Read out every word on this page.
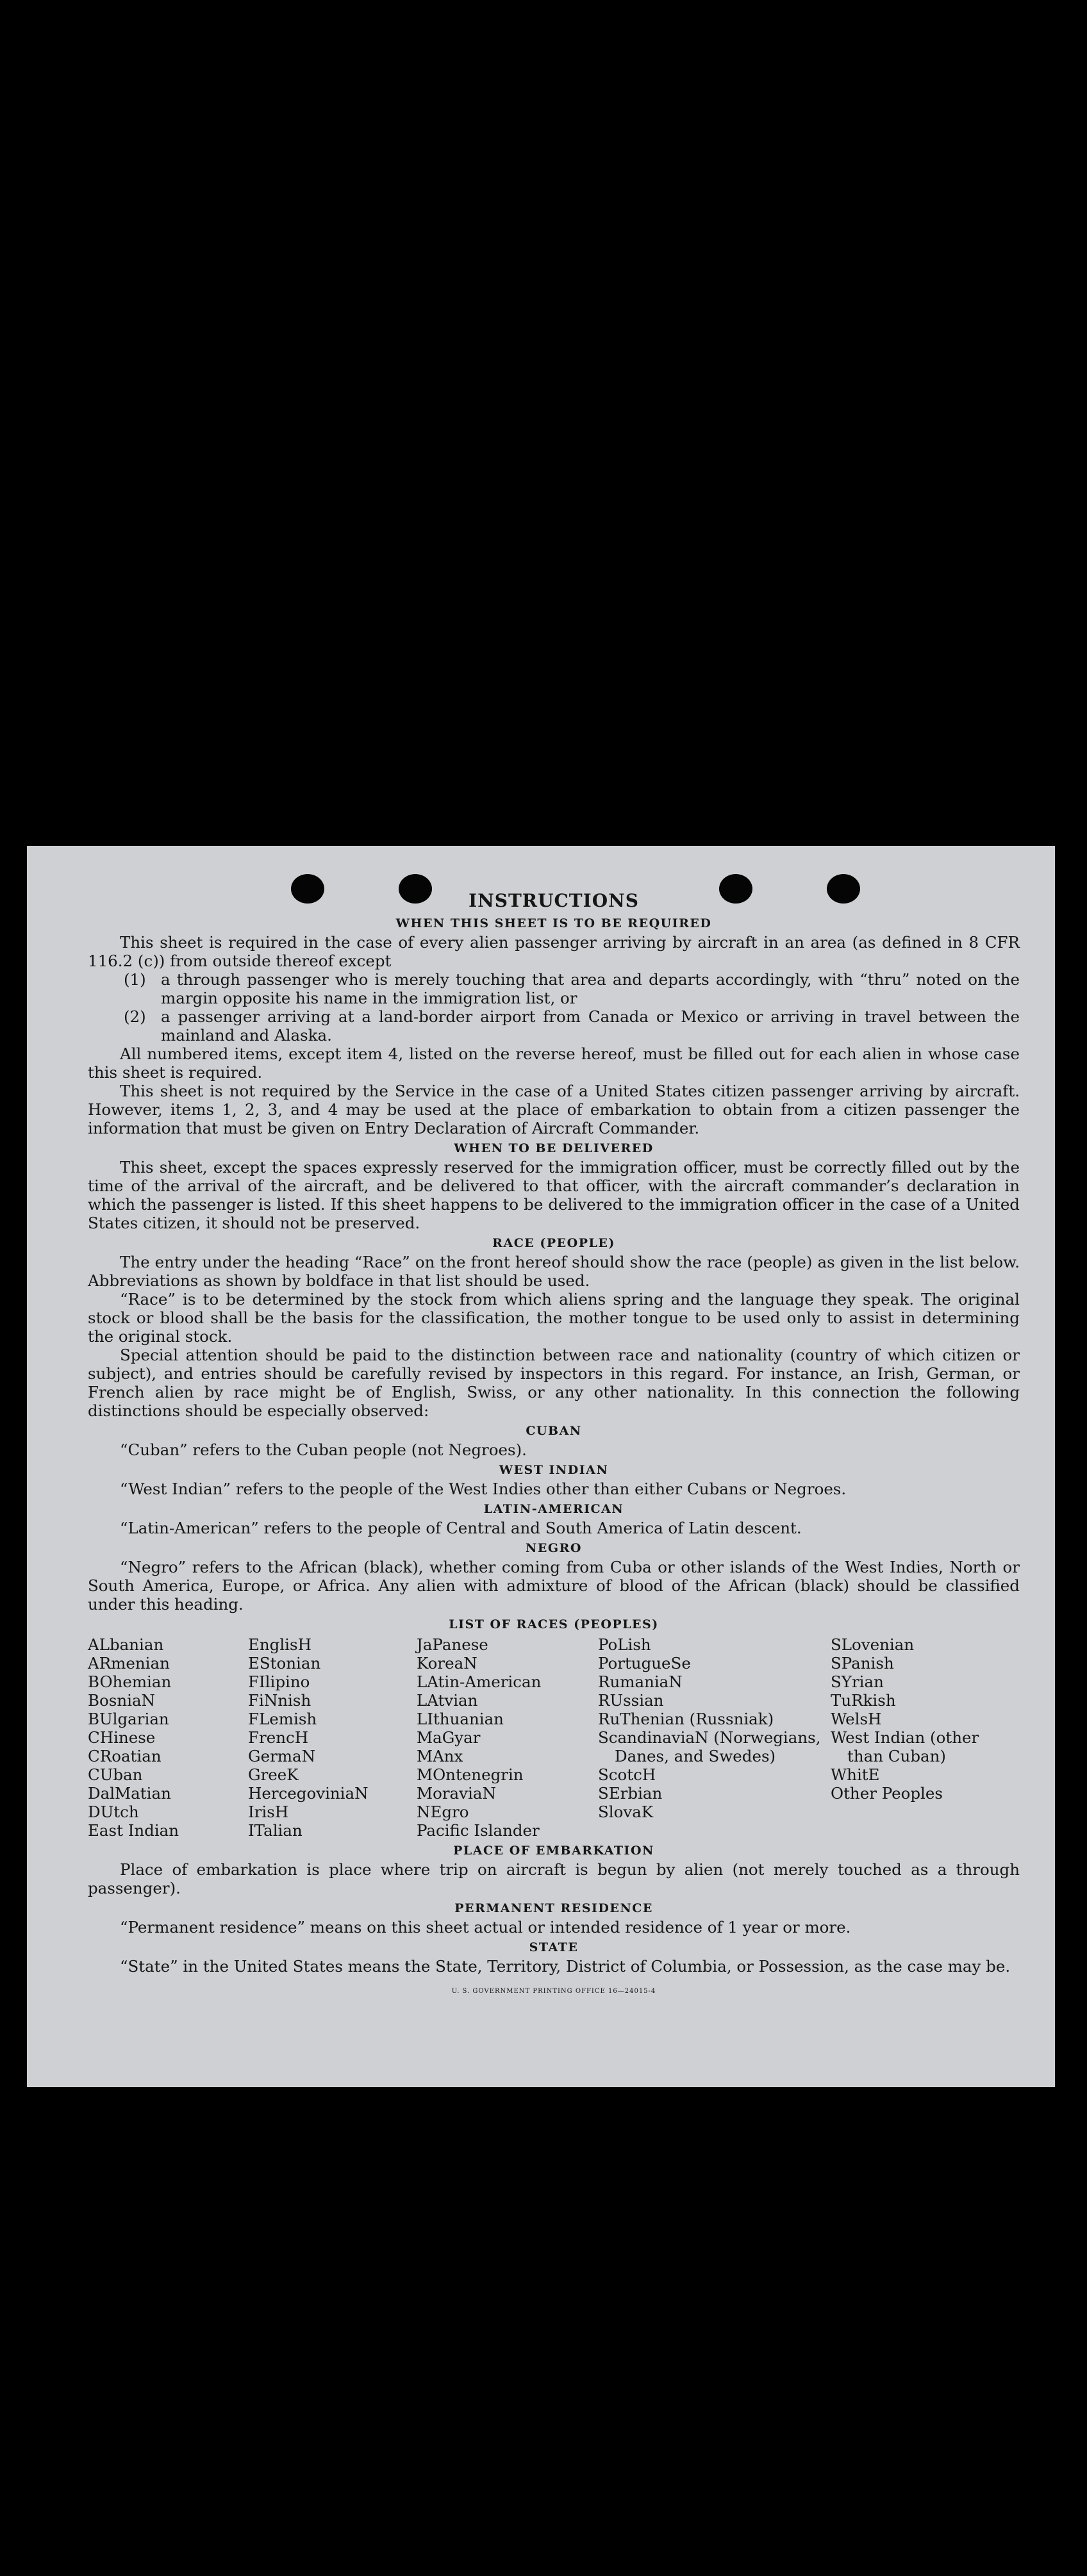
INSTRUCTIONS
WHEN THIS SHEET IS TO BE REQUIRED

This sheet is required in the case of every alien passenger arriving by aircraft in an area (as defined in 8 CFR 116.2 (c)) from outside thereof except

(1) a through passenger who is merely touching that area and departs accordingly, with “thru” noted on the margin opposite his name in the immigration list, or
(2) a passenger arriving at a land-border airport from Canada or Mexico or arriving in travel between the mainland and Alaska.

All numbered items, except item 4, listed on the reverse hereof, must be filled out for each alien in whose case this sheet is required.

This sheet is not required by the Service in the case of a United States citizen passenger arriving by aircraft. However, items 1, 2, 3, and 4 may be used at the place of embarkation to obtain from a citizen passenger the information that must be given on Entry Declaration of Aircraft Commander.

WHEN TO BE DELIVERED

This sheet, except the spaces expressly reserved for the immigration officer, must be correctly filled out by the time of the arrival of the aircraft, and be delivered to that officer, with the aircraft commander’s declaration in which the passenger is listed. If this sheet happens to be delivered to the immigration officer in the case of a United States citizen, it should not be preserved.

RACE (PEOPLE)

The entry under the heading “Race” on the front hereof should show the race (people) as given in the list below. Abbreviations as shown by boldface in that list should be used.

“Race” is to be determined by the stock from which aliens spring and the language they speak. The original stock or blood shall be the basis for the classification, the mother tongue to be used only to assist in determining the original stock.

Special attention should be paid to the distinction between race and nationality (country of which citizen or subject), and entries should be carefully revised by inspectors in this regard. For instance, an Irish, German, or French alien by race might be of English, Swiss, or any other nationality. In this connection the following distinctions should be especially observed:

CUBAN

“Cuban” refers to the Cuban people (not Negroes).

WEST INDIAN

“West Indian” refers to the people of the West Indies other than either Cubans or Negroes.

LATIN-AMERICAN

“Latin-American” refers to the people of Central and South America of Latin descent.

NEGRO

“Negro” refers to the African (black), whether coming from Cuba or other islands of the West Indies, North or South America, Europe, or Africa. Any alien with admixture of blood of the African (black) should be classified under this heading.

LIST OF RACES (PEOPLES)
ALbanian
ARmenian
BOhemian
BosniaN
BUlgarian
CHinese
CRoatian
CUban
DalMatian
DUtch
East Indian
EnglisH
EStonian
FIlipino
FiNnish
FLemish
FrencH
GermaN
GreeK
HercegoviniaN
IrisH
ITalian
JaPanese
KoreaN
LAtin-American
LAtvian
LIthuanian
MaGyar
MAnx
MOntenegrin
MoraviaN
NEgro
Pacific Islander
PoLish
PortugueSe
RumaniaN
RUssian
RuThenian (Russniak)
ScandinaviaN (Norwegians, Danes, and Swedes)
ScotcH
SErbian
SlovaK
SLovenian
SPanish
SYrian
TuRkish
WelsH
West Indian (other than Cuban)
WhitE
Other Peoples
PLACE OF EMBARKATION

Place of embarkation is place where trip on aircraft is begun by alien (not merely touched as a through passenger).

PERMANENT RESIDENCE

“Permanent residence” means on this sheet actual or intended residence of 1 year or more.

STATE

“State” in the United States means the State, Territory, District of Columbia, or Possession, as the case may be.

U. S. GOVERNMENT PRINTING OFFICE 16—24015-4
